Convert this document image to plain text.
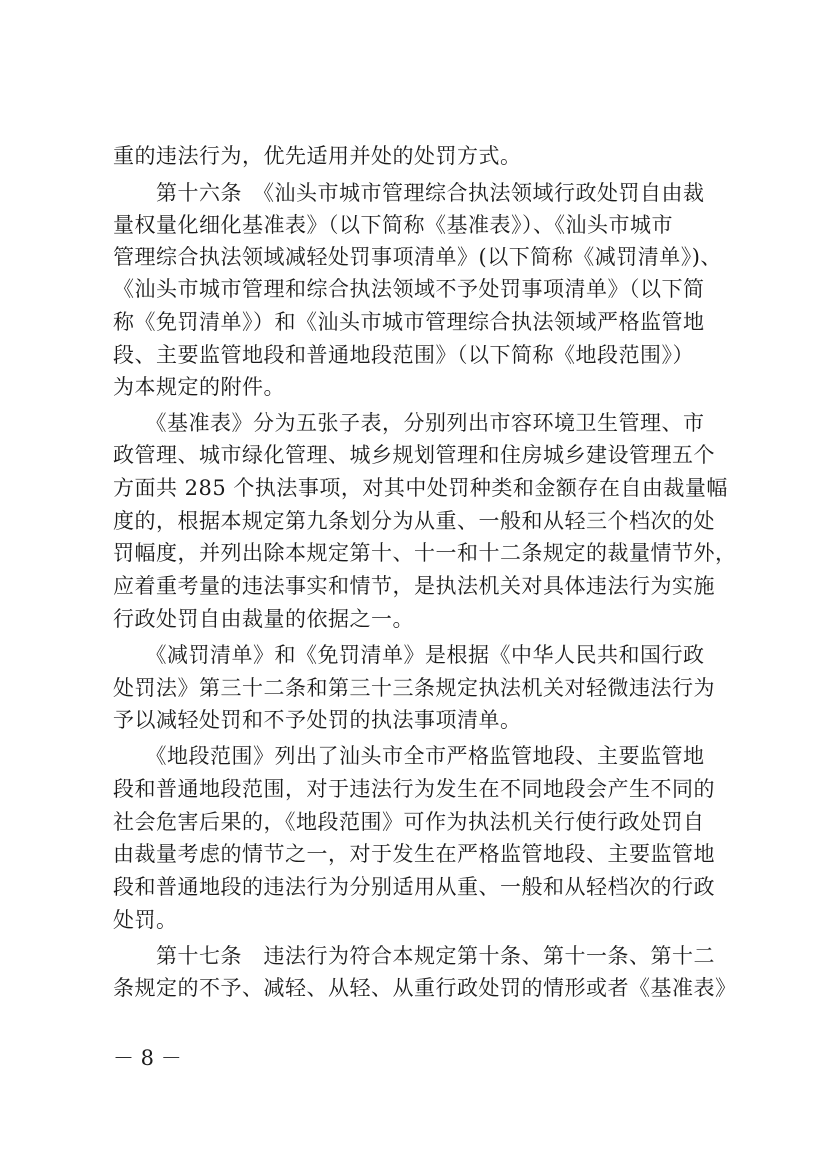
重的违法行为，优先适用并处的处罚方式。
　　第十六条　《汕头市城市管理综合执法领域行政处罚自由裁
量权量化细化基准表》（以下简称《基准表》）、《汕头市城市
管理综合执法领域减轻处罚事项清单》(以下简称《减罚清单》)、
《汕头市城市管理和综合执法领域不予处罚事项清单》（以下简
称《免罚清单》）和《汕头市城市管理综合执法领域严格监管地
段、主要监管地段和普通地段范围》（以下简称《地段范围》）
为本规定的附件。
　　《基准表》分为五张子表，分别列出市容环境卫生管理、市
政管理、城市绿化管理、城乡规划管理和住房城乡建设管理五个
方面共 285 个执法事项，对其中处罚种类和金额存在自由裁量幅
度的，根据本规定第九条划分为从重、一般和从轻三个档次的处
罚幅度，并列出除本规定第十、十一和十二条规定的裁量情节外，
应着重考量的违法事实和情节，是执法机关对具体违法行为实施
行政处罚自由裁量的依据之一。
　　《减罚清单》和《免罚清单》是根据《中华人民共和国行政
处罚法》第三十二条和第三十三条规定执法机关对轻微违法行为
予以减轻处罚和不予处罚的执法事项清单。
　　《地段范围》列出了汕头市全市严格监管地段、主要监管地
段和普通地段范围，对于违法行为发生在不同地段会产生不同的
社会危害后果的，《地段范围》可作为执法机关行使行政处罚自
由裁量考虑的情节之一，对于发生在严格监管地段、主要监管地
段和普通地段的违法行为分别适用从重、一般和从轻档次的行政
处罚。
　　第十七条　违法行为符合本规定第十条、第十一条、第十二
条规定的不予、减轻、从轻、从重行政处罚的情形或者《基准表》
－ 8 －
